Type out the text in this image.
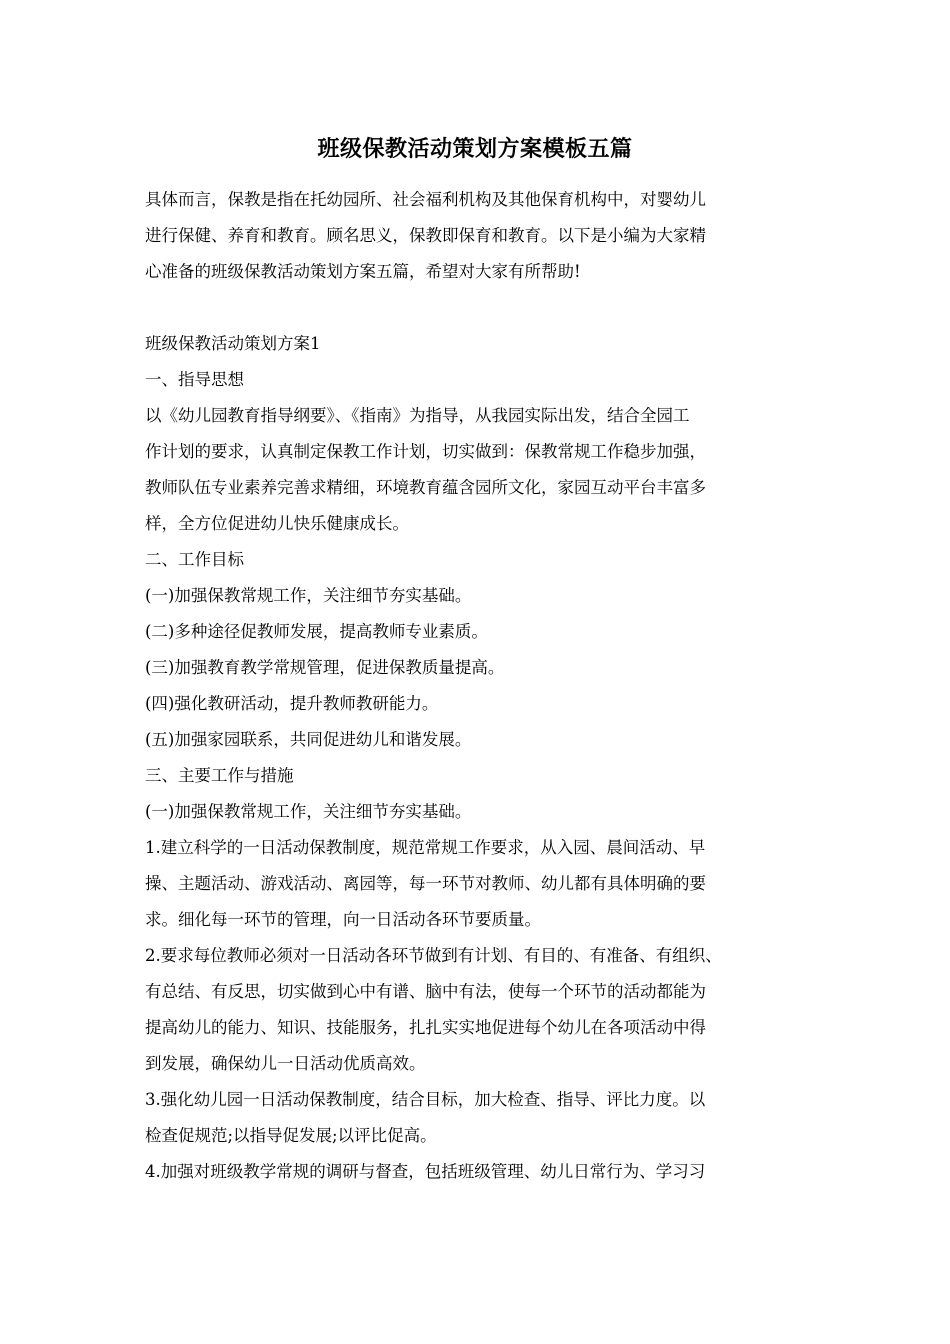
班级保教活动策划方案模板五篇
具体而言，保教是指在托幼园所、社会福利机构及其他保育机构中，对婴幼儿
进行保健、养育和教育。顾名思义，保教即保育和教育。以下是小编为大家精
心准备的班级保教活动策划方案五篇，希望对大家有所帮助!
班级保教活动策划方案1
一、指导思想
以《幼儿园教育指导纲要》、《指南》为指导，从我园实际出发，结合全园工
作计划的要求，认真制定保教工作计划，切实做到：保教常规工作稳步加强，
教师队伍专业素养完善求精细，环境教育蕴含园所文化，家园互动平台丰富多
样，全方位促进幼儿快乐健康成长。
二、工作目标
(一)加强保教常规工作，关注细节夯实基础。
(二)多种途径促教师发展，提高教师专业素质。
(三)加强教育教学常规管理，促进保教质量提高。
(四)强化教研活动，提升教师教研能力。
(五)加强家园联系，共同促进幼儿和谐发展。
三、主要工作与措施
(一)加强保教常规工作，关注细节夯实基础。
1.建立科学的一日活动保教制度，规范常规工作要求，从入园、晨间活动、早
操、主题活动、游戏活动、离园等，每一环节对教师、幼儿都有具体明确的要
求。细化每一环节的管理，向一日活动各环节要质量。
2.要求每位教师必须对一日活动各环节做到有计划、有目的、有准备、有组织、
有总结、有反思，切实做到心中有谱、脑中有法，使每一个环节的活动都能为
提高幼儿的能力、知识、技能服务，扎扎实实地促进每个幼儿在各项活动中得
到发展，确保幼儿一日活动优质高效。
3.强化幼儿园一日活动保教制度，结合目标，加大检查、指导、评比力度。以
检查促规范;以指导促发展;以评比促高。
4.加强对班级教学常规的调研与督查，包括班级管理、幼儿日常行为、学习习
